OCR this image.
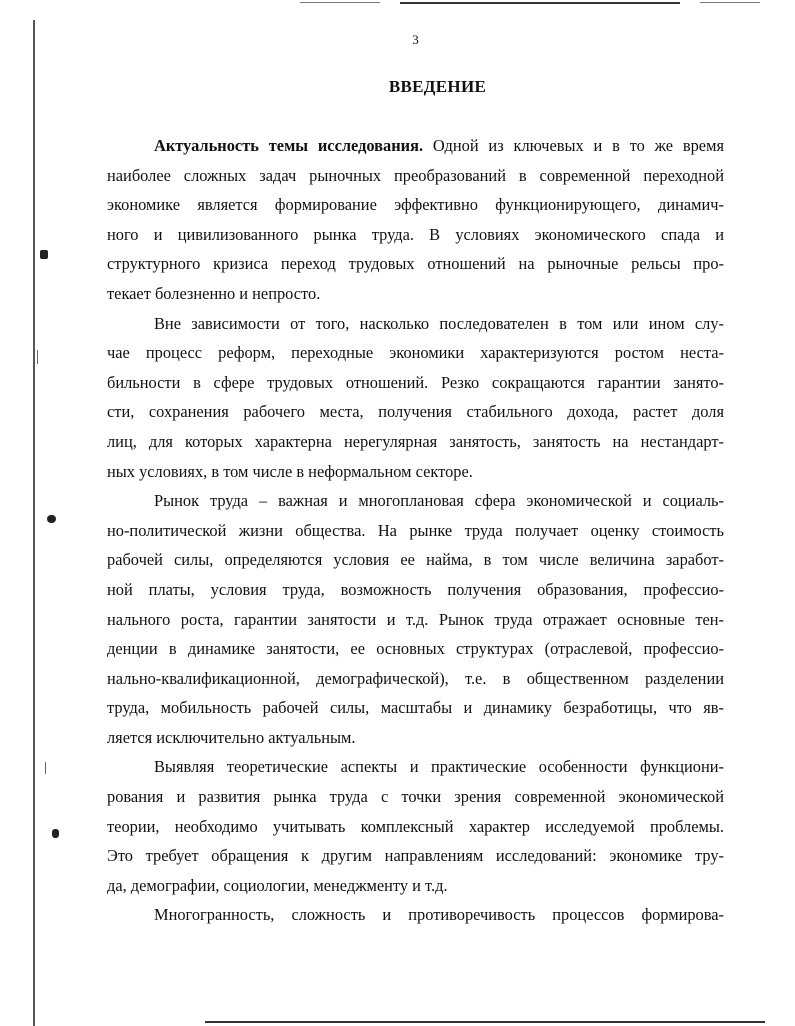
3
ВВЕДЕНИЕ
Актуальность темы исследования. Одной из ключевых и в то же время
наиболее сложных задач рыночных преобразований в современной переходной
экономике является формирование эффективно функционирующего, динамич-
ного и цивилизованного рынка труда. В условиях экономического спада и
структурного кризиса переход трудовых отношений на рыночные рельсы про-
текает болезненно и непросто.
Вне зависимости от того, насколько последователен в том или ином слу-
чае процесс реформ, переходные экономики характеризуются ростом неста-
бильности в сфере трудовых отношений. Резко сокращаются гарантии занято-
сти, сохранения рабочего места, получения стабильного дохода, растет доля
лиц, для которых характерна нерегулярная занятость, занятость на нестандарт-
ных условиях, в том числе в неформальном секторе.
Рынок труда – важная и многоплановая сфера экономической и социаль-
но-политической жизни общества. На рынке труда получает оценку стоимость
рабочей силы, определяются условия ее найма, в том числе величина заработ-
ной платы, условия труда, возможность получения образования, профессио-
нального роста, гарантии занятости и т.д. Рынок труда отражает основные тен-
денции в динамике занятости, ее основных структурах (отраслевой, профессио-
нально-квалификационной, демографической), т.е. в общественном разделении
труда, мобильность рабочей силы, масштабы и динамику безработицы, что яв-
ляется исключительно актуальным.
Выявляя теоретические аспекты и практические особенности функциони-
рования и развития рынка труда с точки зрения современной экономической
теории, необходимо учитывать комплексный характер исследуемой проблемы.
Это требует обращения к другим направлениям исследований: экономике тру-
да, демографии, социологии, менеджменту и т.д.
Многогранность, сложность и противоречивость процессов формирова-
